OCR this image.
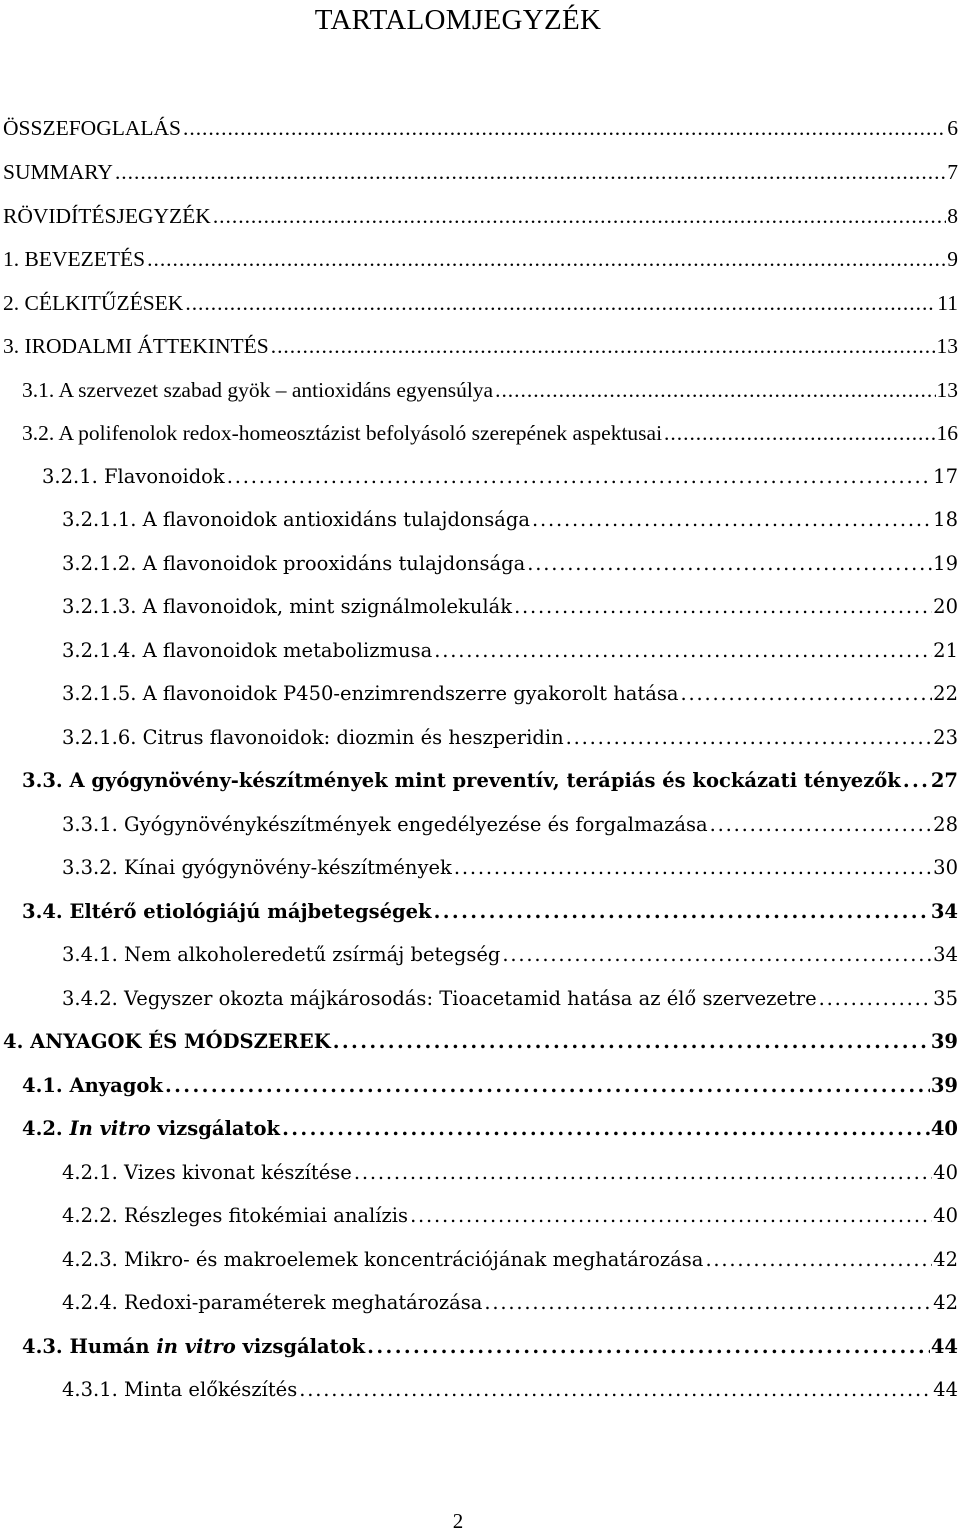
TARTALOMJEGYZÉK
ÖSSZEFOGLALÁS . . .	6
SUMMARY . . .	7
RÖVIDÍTÉSJEGYZÉK . . .	8
1. BEVEZETÉS . . .	9
2. CÉLKITŰZÉSEK . . .	11
3. IRODALMI ÁTTEKINTÉS . . .	13
3.1. A szervezet szabad gyök – antioxidáns egyensúlya . . .	13
3.2. A polifenolok redox-homeosztázist befolyásoló szerepének aspektusai . . .	16
3.2.1. Flavonoidok . . .	17
3.2.1.1. A flavonoidok antioxidáns tulajdonsága . . .	18
3.2.1.2. A flavonoidok prooxidáns tulajdonsága . . .	19
3.2.1.3. A flavonoidok, mint szignálmolekulák . . .	20
3.2.1.4. A flavonoidok metabolizmusa . . .	21
3.2.1.5. A flavonoidok P450-enzimrendszerre gyakorolt hatása . . .	22
3.2.1.6. Citrus flavonoidok: diozmin és heszperidin . . .	23
3.3. A gyógynövény-készítmények mint preventív, terápiás és kockázati tényezők . . . 27
3.3.1. Gyógynövénykészítmények engedélyezése és forgalmazása . . .	28
3.3.2. Kínai gyógynövény-készítmények . . .	30
3.4. Eltérő etiológiájú májbetegségek . . .	34
3.4.1. Nem alkoholeredetű zsírmáj betegség . . .	34
3.4.2. Vegyszer okozta májkárosodás: Tioacetamid hatása az élő szervezetre . . .	35
4. ANYAGOK ÉS MÓDSZEREK . . .	39
4.1. Anyagok . . .	39
4.2. In vitro vizsgálatok . . .	40
4.2.1. Vizes kivonat készítése . . .	40
4.2.2. Részleges fitokémiai analízis . . .	40
4.2.3. Mikro- és makroelemek koncentrációjának meghatározása . . .	42
4.2.4. Redoxi-paraméterek meghatározása . . .	42
4.3. Humán in vitro vizsgálatok . . .	44
4.3.1. Minta előkészítés . . .	44
2
